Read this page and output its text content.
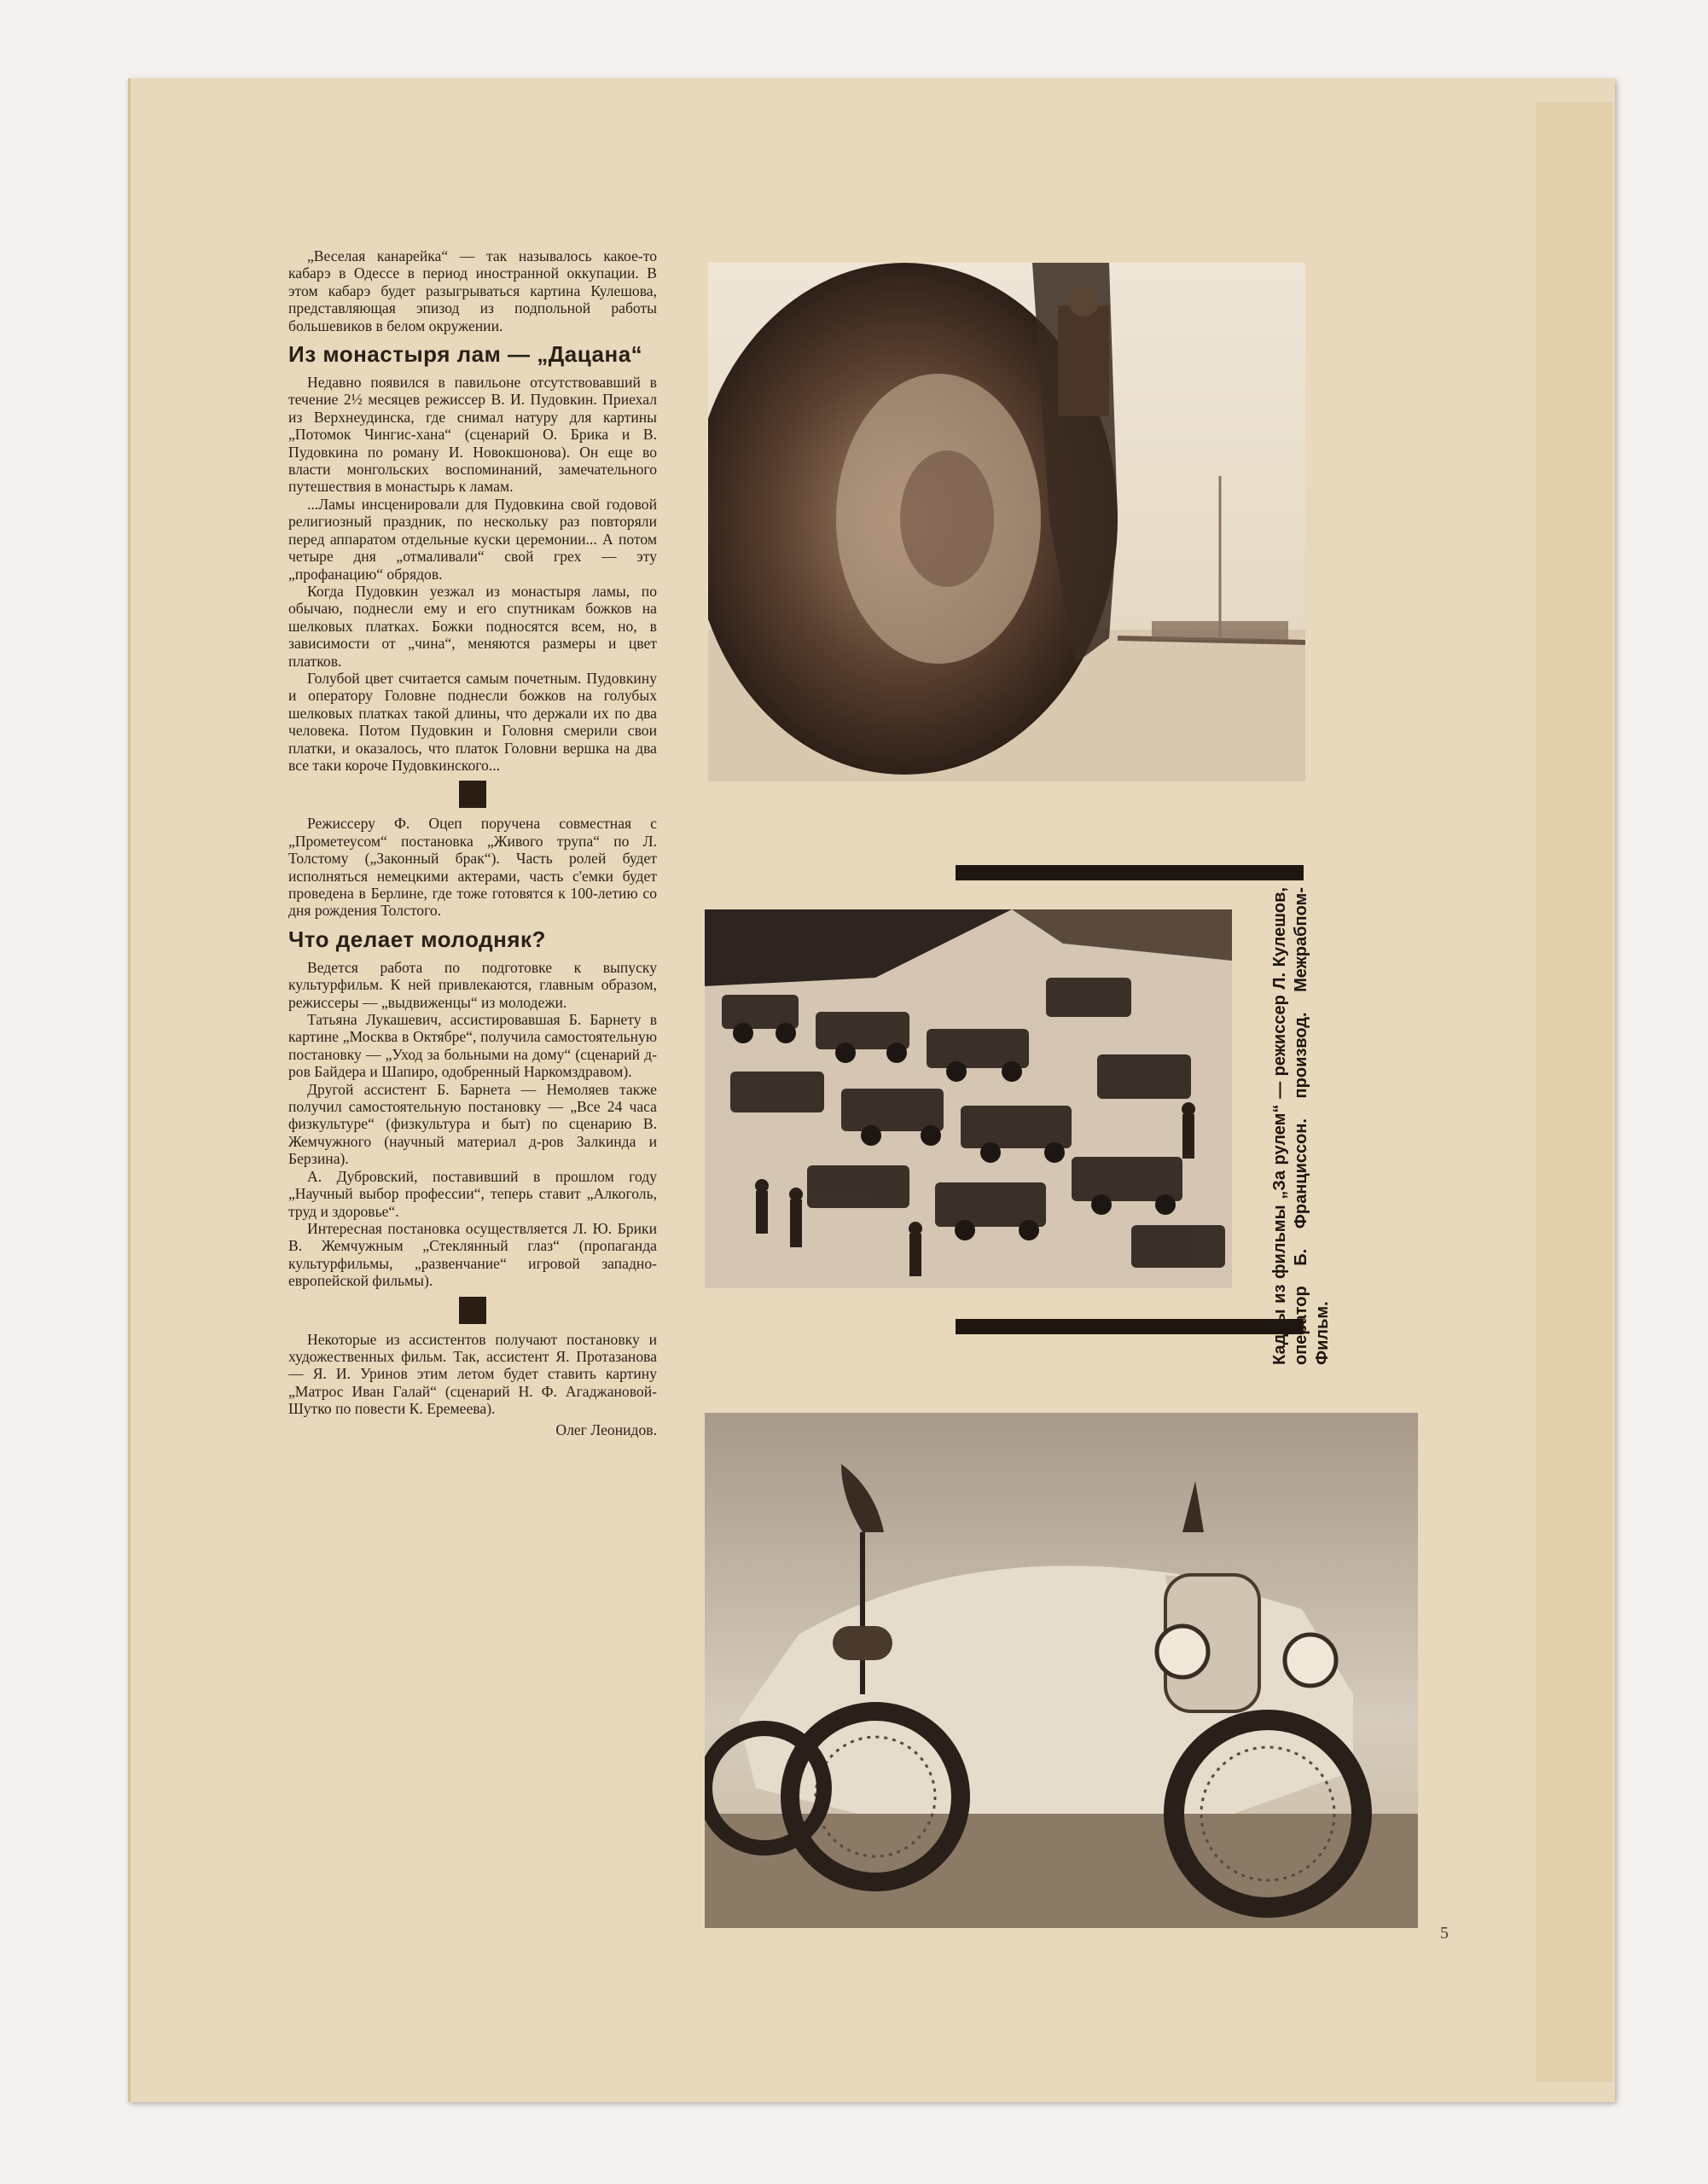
„Веселая канарейка“ — так называлось какое-то кабарэ в Одессе в период иностранной оккупации. В этом кабарэ будет разыгрываться картина Кулешова, представляющая эпизод из подпольной работы большевиков в белом окружении.

Из монастыря лам — „Дацана“

Недавно появился в павильоне отсутствовавший в течение 2½ месяцев режиссер В. И. Пудовкин. Приехал из Верхнеудинска, где снимал натуру для картины „Потомок Чингис-хана“ (сценарий О. Брика и В. Пудовкина по роману И. Новокшонова). Он еще во власти монгольских воспоминаний, замечательного путешествия в монастырь к ламам.

...Ламы инсценировали для Пудовкина свой годовой религиозный праздник, по нескольку раз повторяли перед аппаратом отдельные куски церемонии... А потом четыре дня „отмаливали“ свой грех — эту „профанацию“ обрядов.

Когда Пудовкин уезжал из монастыря ламы, по обычаю, поднесли ему и его спутникам божков на шелковых платках. Божки подносятся всем, но, в зависимости от „чина“, меняются размеры и цвет платков.

Голубой цвет считается самым почетным. Пудовкину и оператору Головне поднесли божков на голубых шелковых платках такой длины, что держали их по два человека. Потом Пудовкин и Головня смерили свои платки, и оказалось, что платок Головни вершка на два все таки короче Пудовкинского...

Режиссеру Ф. Оцеп поручена совместная с „Прометеусом“ постановка „Живого трупа“ по Л. Толстому („Законный брак“). Часть ролей будет исполняться немецкими актерами, часть с'емки будет проведена в Берлине, где тоже готовятся к 100-летию со дня рождения Толстого.

Что делает молодняк?

Ведется работа по подготовке к выпуску культурфильм. К ней привлекаются, главным образом, режиссеры — „выдвиженцы“ из молодежи.

Татьяна Лукашевич, ассистировавшая Б. Барнету в картине „Москва в Октябре“, получила самостоятельную постановку — „Уход за больными на дому“ (сценарий д-ров Байдера и Шапиро, одобренный Наркомздравом).

Другой ассистент Б. Барнета — Немоляев также получил самостоятельную постановку — „Все 24 часа физкультуре“ (физкультура и быт) по сценарию В. Жемчужного (научный материал д-ров Залкинда и Берзина).

А. Дубровский, поставивший в прошлом году „Научный выбор профессии“, теперь ставит „Алкоголь, труд и здоровье“.

Интересная постановка осуществляется Л. Ю. Брики В. Жемчужным „Стеклянный глаз“ (пропаганда культурфильмы, „развенчание“ игровой западно-европейской фильмы).

Некоторые из ассистентов получают постановку и художественных фильм. Так, ассистент Я. Протазанова — Я. И. Уринов этим летом будет ставить картину „Матрос Иван Галай“ (сценарий Н. Ф. Агаджановой-Шутко по повести К. Еремеева).

Олег Леонидов.

Кадры из фильмы „За рулем“ — режиссер Л. Кулешов, оператор Б. Франциссон. производ. Межрабпом-Фильм.
5
